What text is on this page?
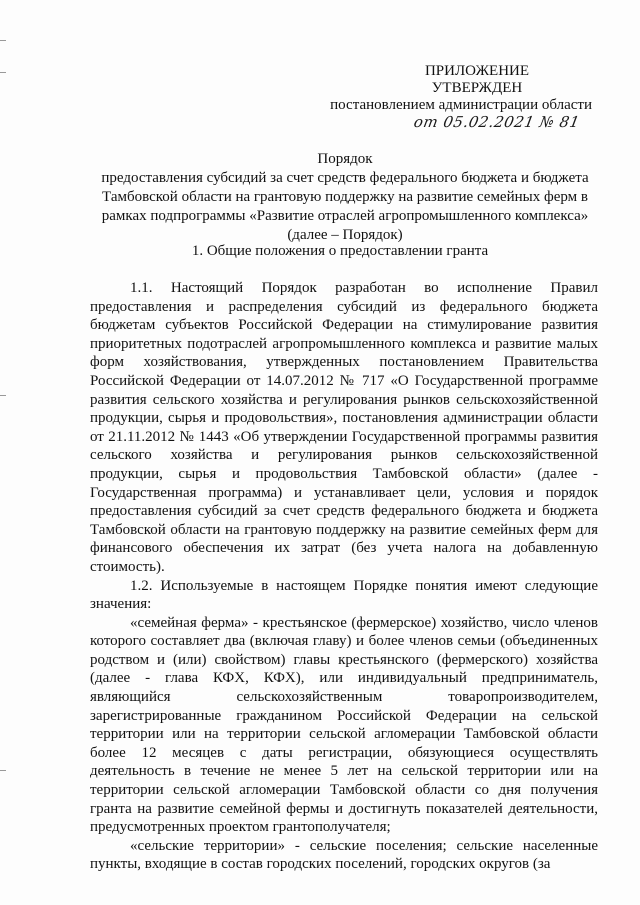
ПРИЛОЖЕНИЕ
УТВЕРЖДЕН
постановлением администрации области
от 05.02.2021 № 81
Порядок
предоставления субсидий за счет средств федерального бюджета и бюджета Тамбовской области на грантовую поддержку на развитие семейных ферм в рамках подпрограммы «Развитие отраслей агропромышленного комплекса» (далее – Порядок)
1. Общие положения о предоставлении гранта

1.1. Настоящий Порядок разработан во исполнение Правил предоставления и распределения субсидий из федерального бюджета бюджетам субъектов Российской Федерации на стимулирование развития приоритетных подотраслей агропромышленного комплекса и развитие малых форм хозяйствования, утвержденных постановлением Правительства Российской Федерации от 14.07.2012 № 717 «О Государственной программе развития сельского хозяйства и регулирования рынков сельскохозяйственной продукции, сырья и продовольствия», постановления администрации области от 21.11.2012 № 1443 «Об утверждении Государственной программы развития сельского хозяйства и регулирования рынков сельскохозяйственной продукции, сырья и продовольствия Тамбовской области» (далее - Государственная программа) и устанавливает цели, условия и порядок предоставления субсидий за счет средств федерального бюджета и бюджета Тамбовской области на грантовую поддержку на развитие семейных ферм для финансового обеспечения их затрат (без учета налога на добавленную стоимость).

1.2. Используемые в настоящем Порядке понятия имеют следующие значения:

«семейная ферма» - крестьянское (фермерское) хозяйство, число членов которого составляет два (включая главу) и более членов семьи (объединенных родством и (или) свойством) главы крестьянского (фермерского) хозяйства (далее - глава КФХ, КФХ), или индивидуальный предприниматель, являющийся сельскохозяйственным товаропроизводителем, зарегистрированные гражданином Российской Федерации на сельской территории или на территории сельской агломерации Тамбовской области более 12 месяцев с даты регистрации, обязующиеся осуществлять деятельность в течение не менее 5 лет на сельской территории или на территории сельской агломерации Тамбовской области со дня получения гранта на развитие семейной фермы и достигнуть показателей деятельности, предусмотренных проектом грантополучателя;

«сельские территории» - сельские поселения; сельские населенные пункты, входящие в состав городских поселений, городских округов (за
